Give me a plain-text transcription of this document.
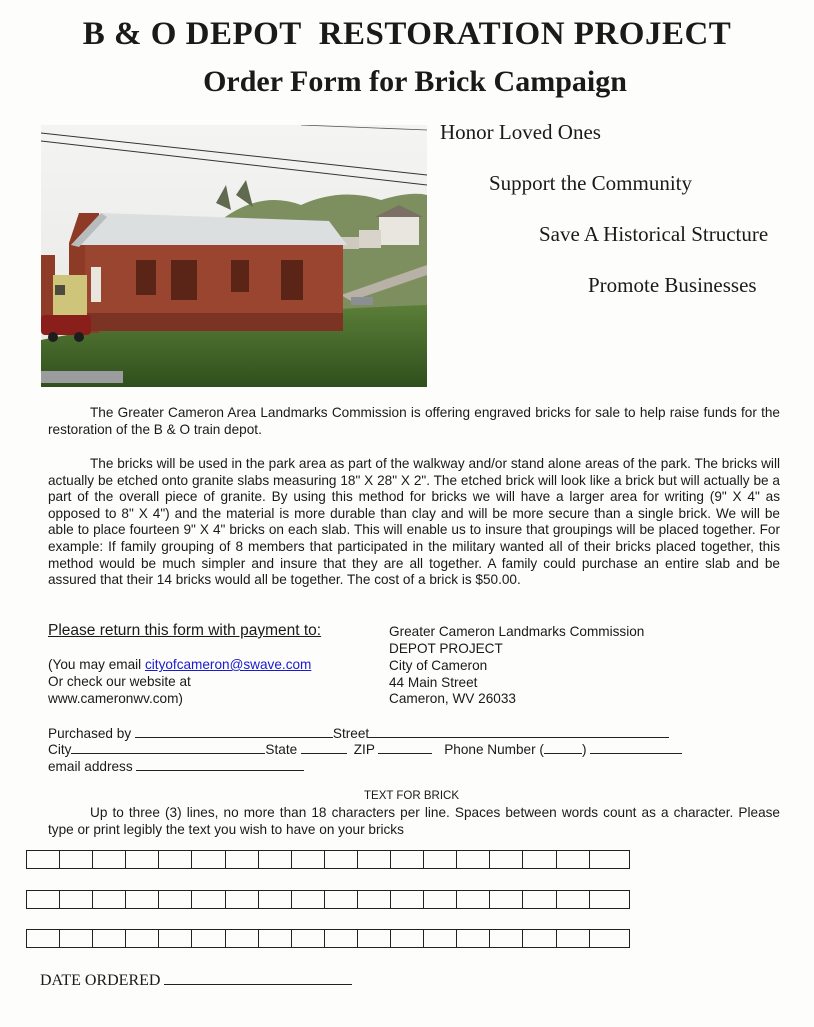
B & O DEPOT  RESTORATION PROJECT
Order Form for Brick Campaign
Honor Loved Ones
Support the Community
Save A Historical Structure
Promote Businesses
The Greater Cameron Area Landmarks Commission is offering engraved bricks for sale to help raise funds for the restoration of the B & O train depot.
The bricks will be used in the park area as part of the walkway and/or stand alone areas of the park. The bricks will actually be etched onto granite slabs measuring 18" X 28" X 2". The etched brick will look like a brick but will actually be a part of the overall piece of granite. By using this method for bricks we will have a larger area for writing (9" X 4" as opposed to 8" X 4") and the material is more durable than clay and will be more secure than a single brick. We will be able to place fourteen 9" X 4" bricks on each slab. This will enable us to insure that groupings will be placed together. For example: If family grouping of 8 members that participated in the military wanted all of their bricks placed together, this method would be much simpler and insure that they are all together. A family could purchase an entire slab and be assured that their 14 bricks would all be together. The cost of a brick is $50.00.
Please return this form with payment to:
(You may email cityofcameron@swave.com
Or check our website at
www.cameronwv.com)
Greater Cameron Landmarks Commission
DEPOT PROJECT
City of Cameron
44 Main Street
Cameron, WV 26033
Purchased by	Street
City	State	ZIP	Phone Number (	)
email address
TEXT FOR BRICK
Up to three (3) lines, no more than 18 characters per line. Spaces between words count as a character. Please type or print legibly the text you wish to have on your bricks
DATE ORDERED
